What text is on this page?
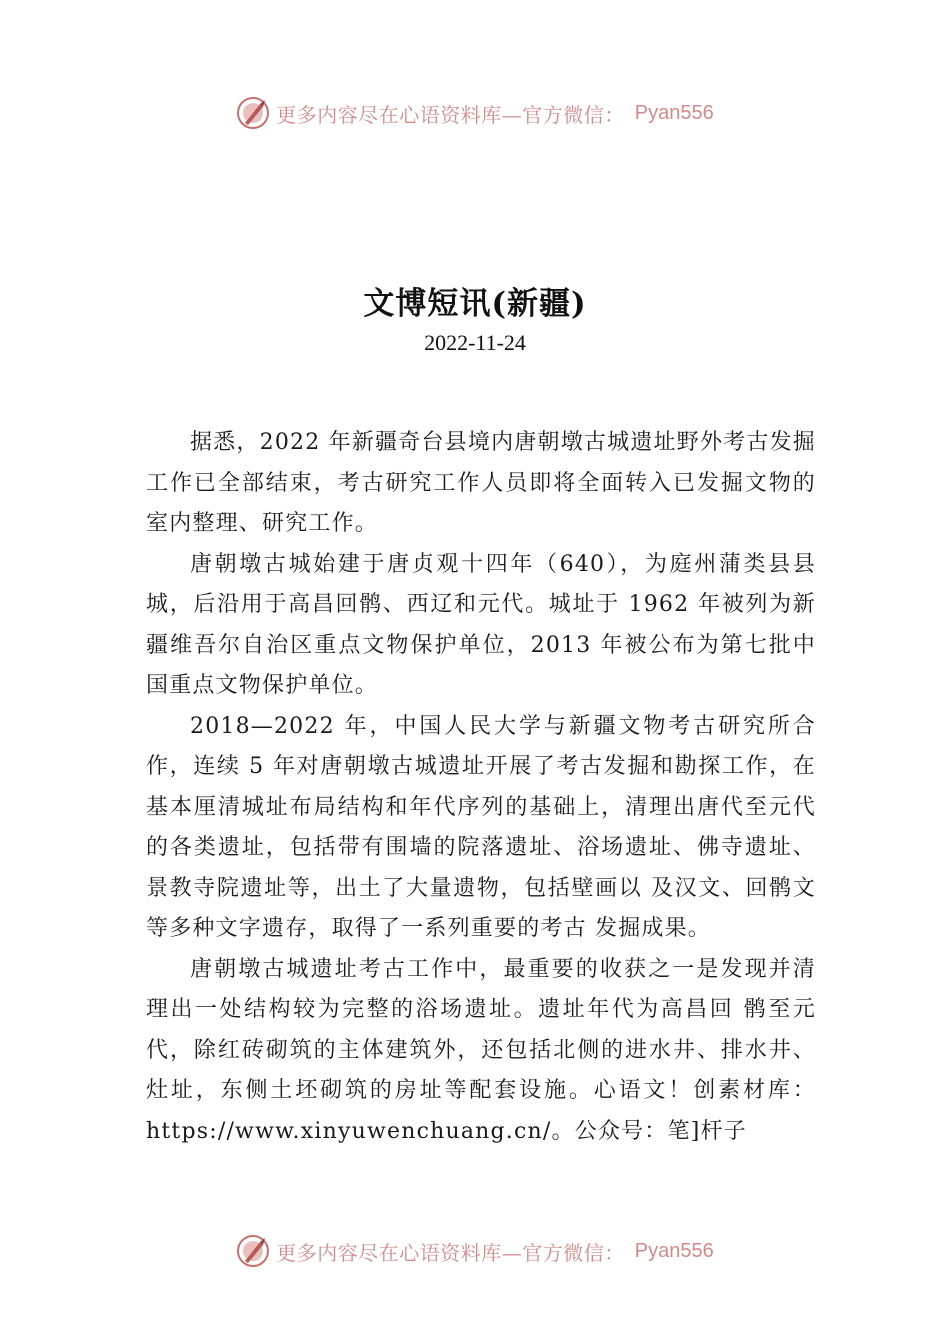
更多内容尽在心语资料库—官方微信： Pyan556
文博短讯(新疆)
2022-11-24

据悉，2022 年新疆奇台县境内唐朝墩古城遗址野外考古发掘工作已全部结束，考古研究工作人员即将全面转入已发掘文物的室内整理、研究工作。

唐朝墩古城始建于唐贞观十四年（640），为庭州蒲类县县城，后沿用于高昌回鹘、西辽和元代。城址于 1962 年被列为新疆维吾尔自治区重点文物保护单位，2013 年被公布为第七批中国重点文物保护单位。

2018—2022 年，中国人民大学与新疆文物考古研究所合作，连续 5 年对唐朝墩古城遗址开展了考古发掘和勘探工作，在基本厘清城址布局结构和年代序列的基础上，清理出唐代至元代的各类遗址，包括带有围墙的院落遗址、浴场遗址、佛寺遗址、景教寺院遗址等，出土了大量遗物，包括壁画以 及汉文、回鹘文等多种文字遗存，取得了一系列重要的考古 发掘成果。

唐朝墩古城遗址考古工作中，最重要的收获之一是发现并清理出一处结构较为完整的浴场遗址。遗址年代为高昌回 鹘至元代，除红砖砌筑的主体建筑外，还包括北侧的进水井、排水井、灶址，东侧土坯砌筑的房址等配套设施。心语文！创素材库：https://www.xinyuwenchuang.cn/。公众号：笔]杆子

更多内容尽在心语资料库—官方微信： Pyan556
